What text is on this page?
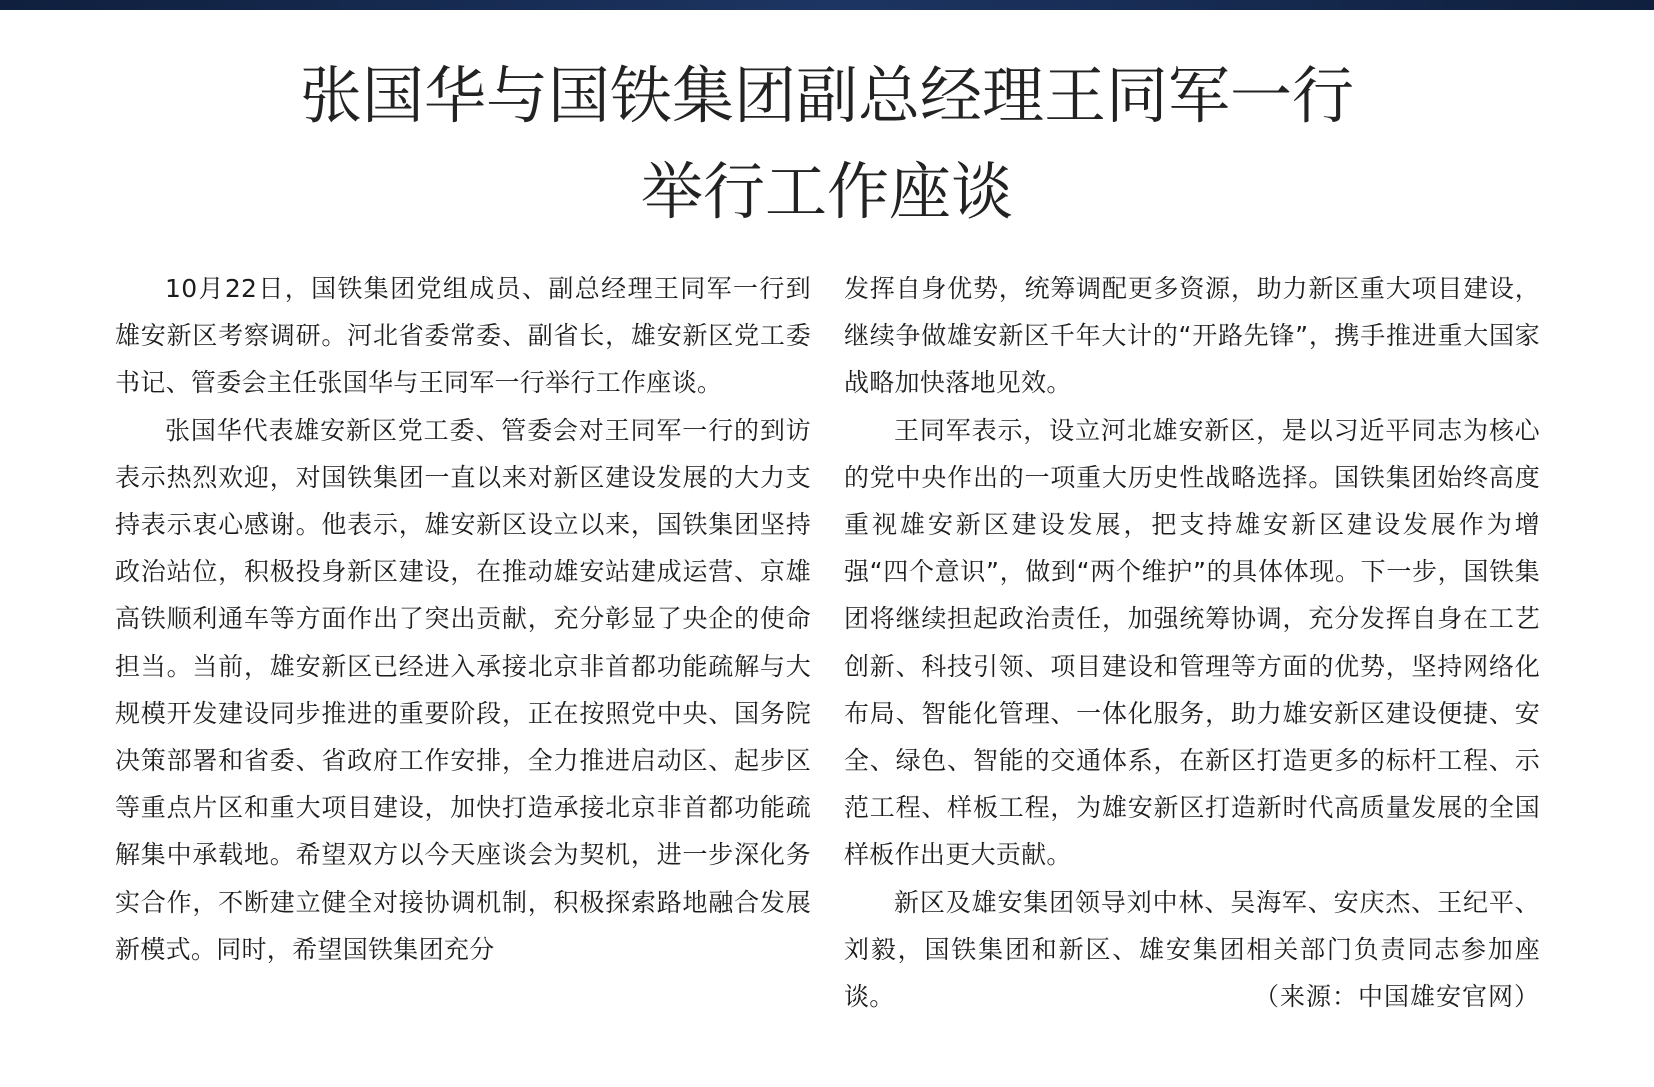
张国华与国铁集团副总经理王同军一行
举行工作座谈

10月22日，国铁集团党组成员、副总经理王同军一行到雄安新区考察调研。河北省委常委、副省长，雄安新区党工委书记、管委会主任张国华与王同军一行举行工作座谈。

张国华代表雄安新区党工委、管委会对王同军一行的到访表示热烈欢迎，对国铁集团一直以来对新区建设发展的大力支持表示衷心感谢。他表示，雄安新区设立以来，国铁集团坚持政治站位，积极投身新区建设，在推动雄安站建成运营、京雄高铁顺利通车等方面作出了突出贡献，充分彰显了央企的使命担当。当前，雄安新区已经进入承接北京非首都功能疏解与大规模开发建设同步推进的重要阶段，正在按照党中央、国务院决策部署和省委、省政府工作安排，全力推进启动区、起步区等重点片区和重大项目建设，加快打造承接北京非首都功能疏解集中承载地。希望双方以今天座谈会为契机，进一步深化务实合作，不断建立健全对接协调机制，积极探索路地融合发展新模式。同时，希望国铁集团充分

发挥自身优势，统筹调配更多资源，助力新区重大项目建设，继续争做雄安新区千年大计的“开路先锋”，携手推进重大国家战略加快落地见效。

王同军表示，设立河北雄安新区，是以习近平同志为核心的党中央作出的一项重大历史性战略选择。国铁集团始终高度重视雄安新区建设发展，把支持雄安新区建设发展作为增强“四个意识”，做到“两个维护”的具体体现。下一步，国铁集团将继续担起政治责任，加强统筹协调，充分发挥自身在工艺创新、科技引领、项目建设和管理等方面的优势，坚持网络化布局、智能化管理、一体化服务，助力雄安新区建设便捷、安全、绿色、智能的交通体系，在新区打造更多的标杆工程、示范工程、样板工程，为雄安新区打造新时代高质量发展的全国样板作出更大贡献。

新区及雄安集团领导刘中林、吴海军、安庆杰、王纪平、刘毅，国铁集团和新区、雄安集团相关部门负责同志参加座谈。	（来源：中国雄安官网）
